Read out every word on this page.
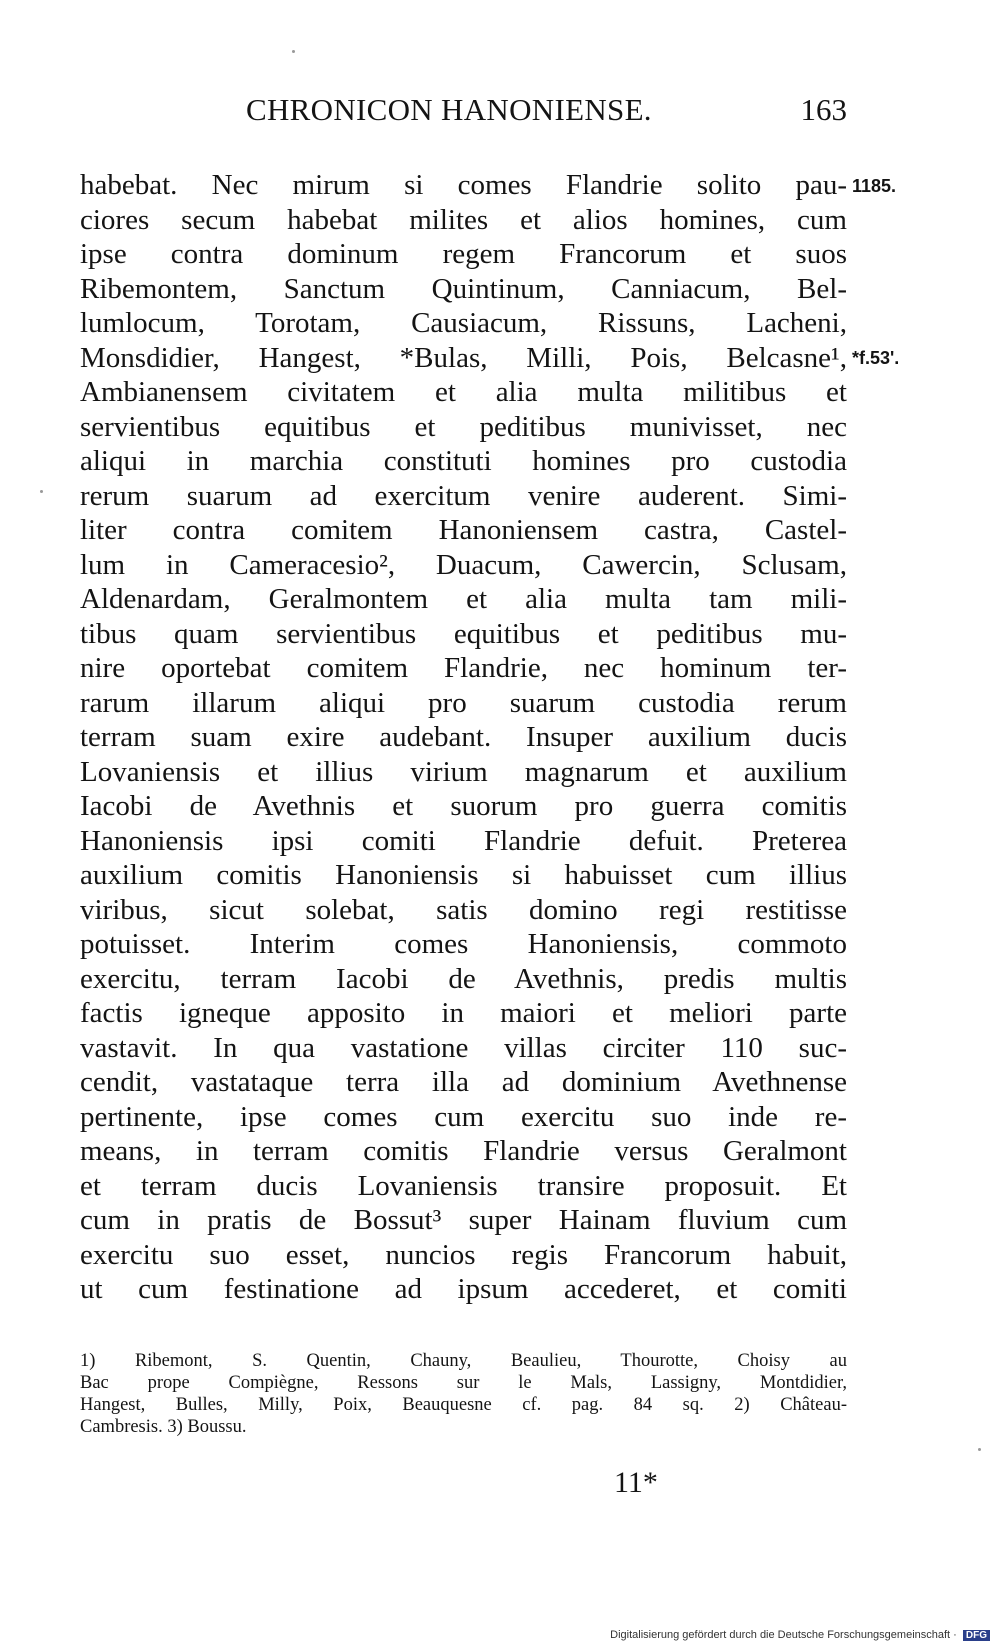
CHRONICON HANONIENSE.	163
habebat. Nec mirum si comes Flandrie solito pau-
ciores secum habebat milites et alios homines, cum
ipse contra dominum regem Francorum et suos
Ribemontem, Sanctum Quintinum, Canniacum, Bel-
lumlocum, Torotam, Causiacum, Rissuns, Lacheni,
Monsdidier, Hangest, *Bulas, Milli, Pois, Belcasne¹,
Ambianensem civitatem et alia multa militibus et
servientibus equitibus et peditibus munivisset, nec
aliqui in marchia constituti homines pro custodia
rerum suarum ad exercitum venire auderent. Simi-
liter contra comitem Hanoniensem castra, Castel-
lum in Cameracesio², Duacum, Cawercin, Sclusam,
Aldenardam, Geralmontem et alia multa tam mili-
tibus quam servientibus equitibus et peditibus mu-
nire oportebat comitem Flandrie, nec hominum ter-
rarum illarum aliqui pro suarum custodia rerum
terram suam exire audebant. Insuper auxilium ducis
Lovaniensis et illius virium magnarum et auxilium
Iacobi de Avethnis et suorum pro guerra comitis
Hanoniensis ipsi comiti Flandrie defuit. Preterea
auxilium comitis Hanoniensis si habuisset cum illius
viribus, sicut solebat, satis domino regi restitisse
potuisset. Interim comes Hanoniensis, commoto
exercitu, terram Iacobi de Avethnis, predis multis
factis igneque apposito in maiori et meliori parte
vastavit. In qua vastatione villas circiter 110 suc-
cendit, vastataque terra illa ad dominium Avethnense
pertinente, ipse comes cum exercitu suo inde re-
means, in terram comitis Flandrie versus Geralmont
et terram ducis Lovaniensis transire proposuit. Et
cum in pratis de Bossut³ super Hainam fluvium cum
exercitu suo esset, nuncios regis Francorum habuit,
ut cum festinatione ad ipsum accederet, et comiti
1185.
*f.53'.
1) Ribemont, S. Quentin, Chauny, Beaulieu, Thourotte, Choisy au
Bac prope Compiègne, Ressons sur le Mals, Lassigny, Montdidier,
Hangest, Bulles, Milly, Poix, Beauquesne cf. pag. 84 sq. 2) Château-
Cambresis. 3) Boussu.
11*
Digitalisierung gefördert durch die Deutsche Forschungsgemeinschaft · DFG
